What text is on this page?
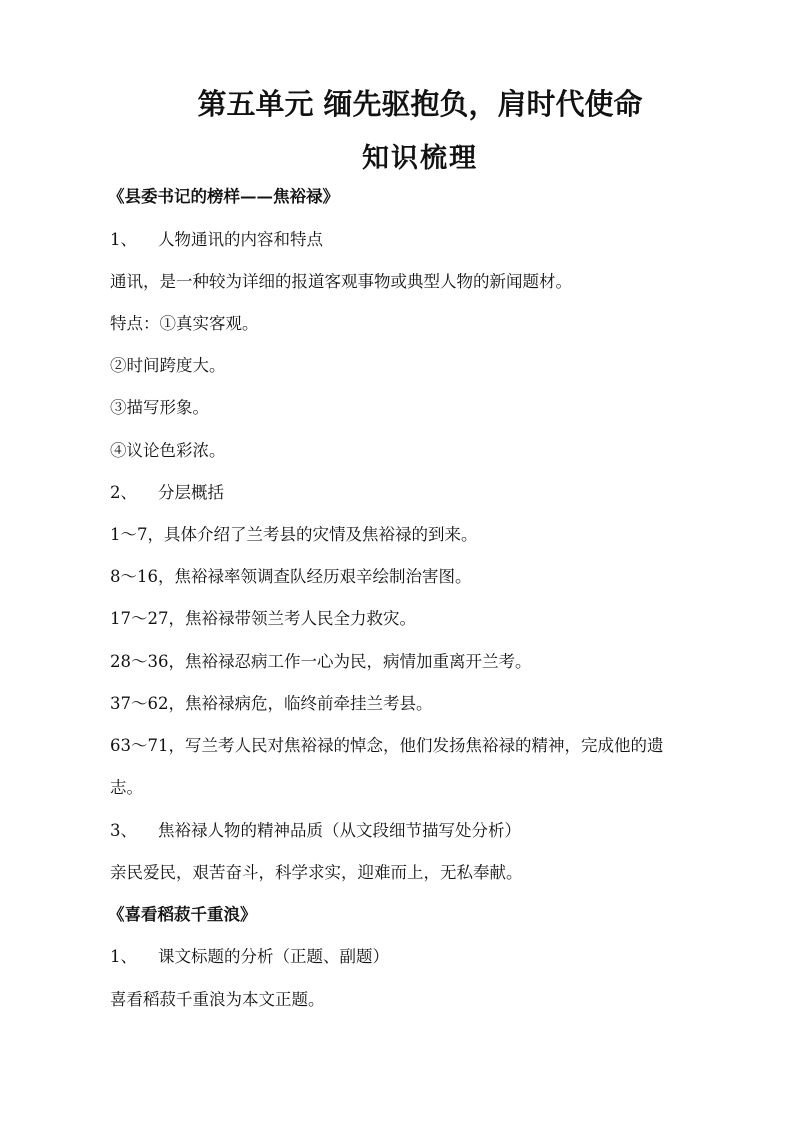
第五单元 缅先驱抱负，肩时代使命
知识梳理
《县委书记的榜样——焦裕禄》
1、 人物通讯的内容和特点
通讯，是一种较为详细的报道客观事物或典型人物的新闻题材。
特点：①真实客观。
②时间跨度大。
③描写形象。
④议论色彩浓。
2、 分层概括
1～7，具体介绍了兰考县的灾情及焦裕禄的到来。
8～16，焦裕禄率领调查队经历艰辛绘制治害图。
17～27，焦裕禄带领兰考人民全力救灾。
28～36，焦裕禄忍病工作一心为民，病情加重离开兰考。
37～62，焦裕禄病危，临终前牵挂兰考县。
63～71，写兰考人民对焦裕禄的悼念，他们发扬焦裕禄的精神，完成他的遗
志。
3、 焦裕禄人物的精神品质（从文段细节描写处分析）
亲民爱民，艰苦奋斗，科学求实，迎难而上，无私奉献。
《喜看稻菽千重浪》
1、 课文标题的分析（正题、副题）
喜看稻菽千重浪为本文正题。
